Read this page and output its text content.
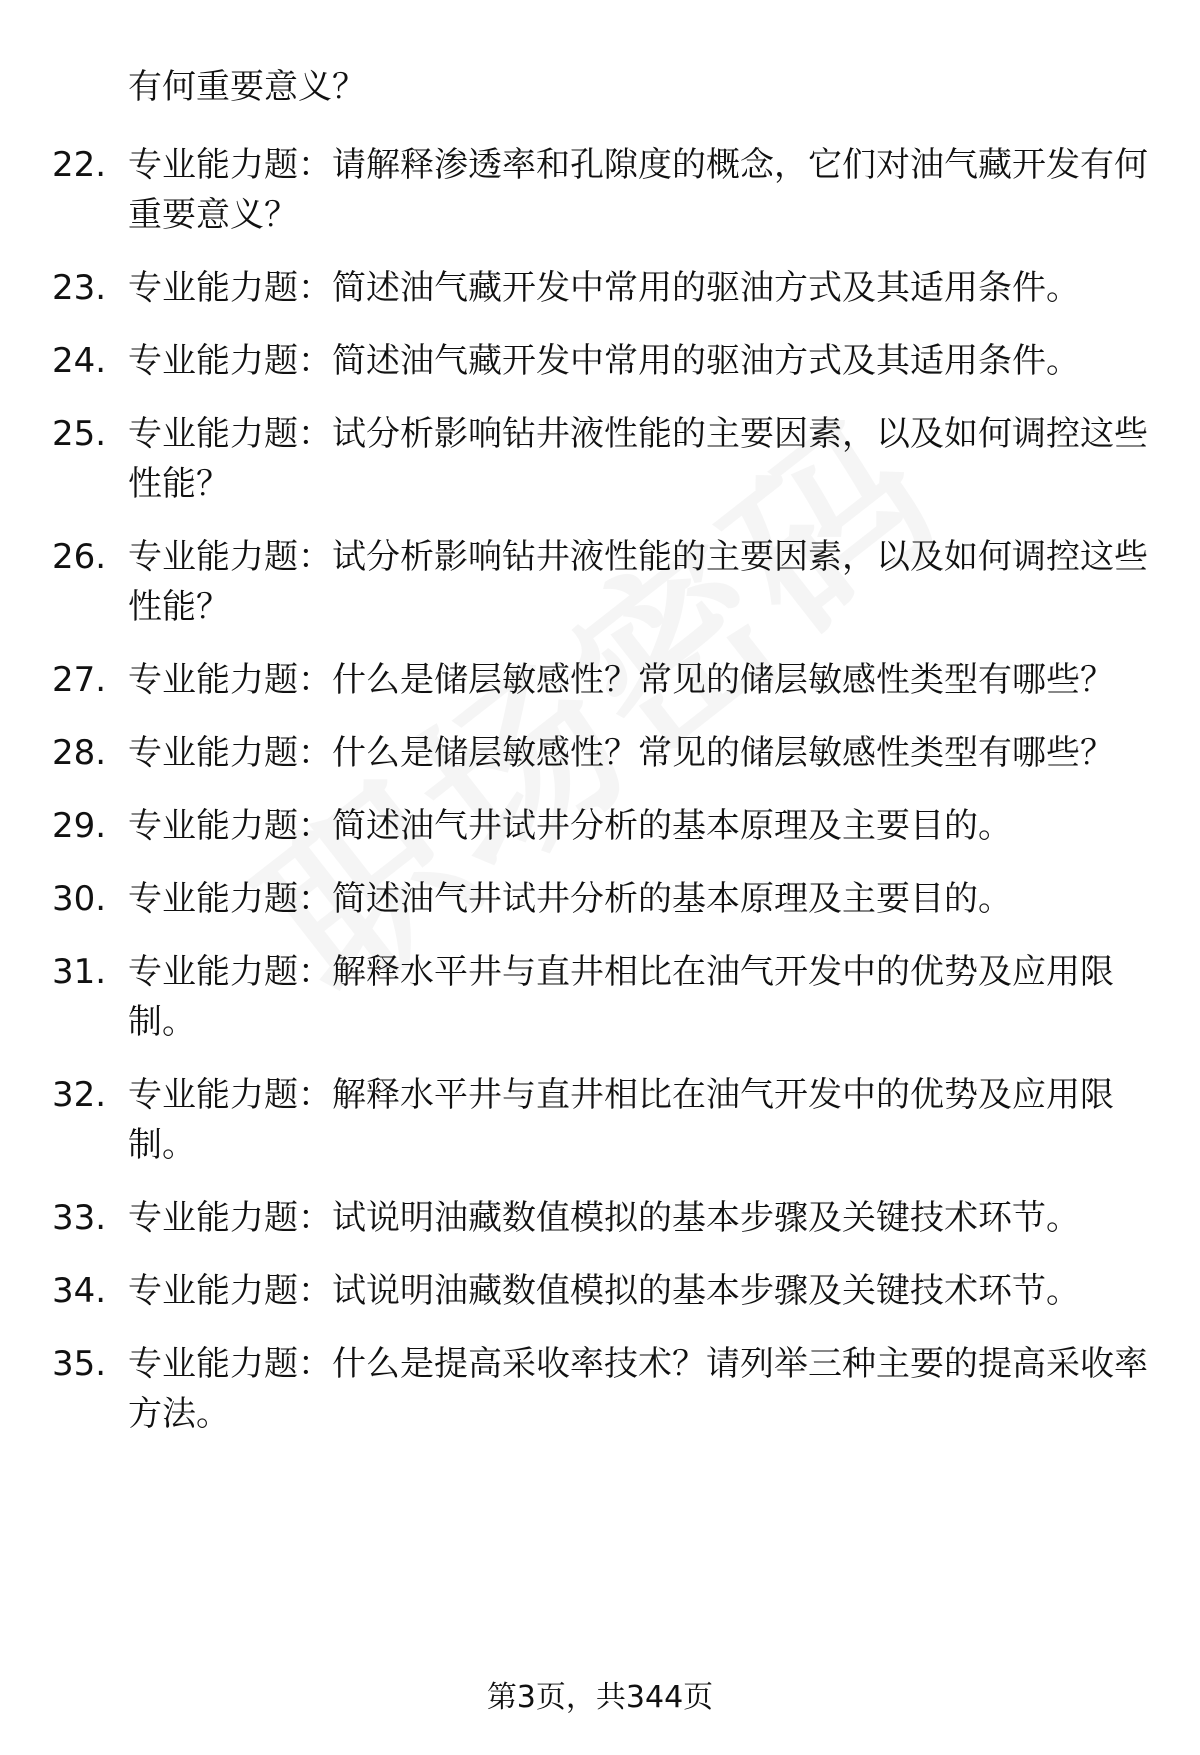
有何重要意义？
22. 专业能力题：请解释渗透率和孔隙度的概念，它们对油气藏开发有何重要意义？
23. 专业能力题：简述油气藏开发中常用的驱油方式及其适用条件。
24. 专业能力题：简述油气藏开发中常用的驱油方式及其适用条件。
25. 专业能力题：试分析影响钻井液性能的主要因素，以及如何调控这些性能？
26. 专业能力题：试分析影响钻井液性能的主要因素，以及如何调控这些性能？
27. 专业能力题：什么是储层敏感性？常见的储层敏感性类型有哪些？
28. 专业能力题：什么是储层敏感性？常见的储层敏感性类型有哪些？
29. 专业能力题：简述油气井试井分析的基本原理及主要目的。
30. 专业能力题：简述油气井试井分析的基本原理及主要目的。
31. 专业能力题：解释水平井与直井相比在油气开发中的优势及应用限制。
32. 专业能力题：解释水平井与直井相比在油气开发中的优势及应用限制。
33. 专业能力题：试说明油藏数值模拟的基本步骤及关键技术环节。
34. 专业能力题：试说明油藏数值模拟的基本步骤及关键技术环节。
35. 专业能力题：什么是提高采收率技术？请列举三种主要的提高采收率方法。
第3页，共344页
